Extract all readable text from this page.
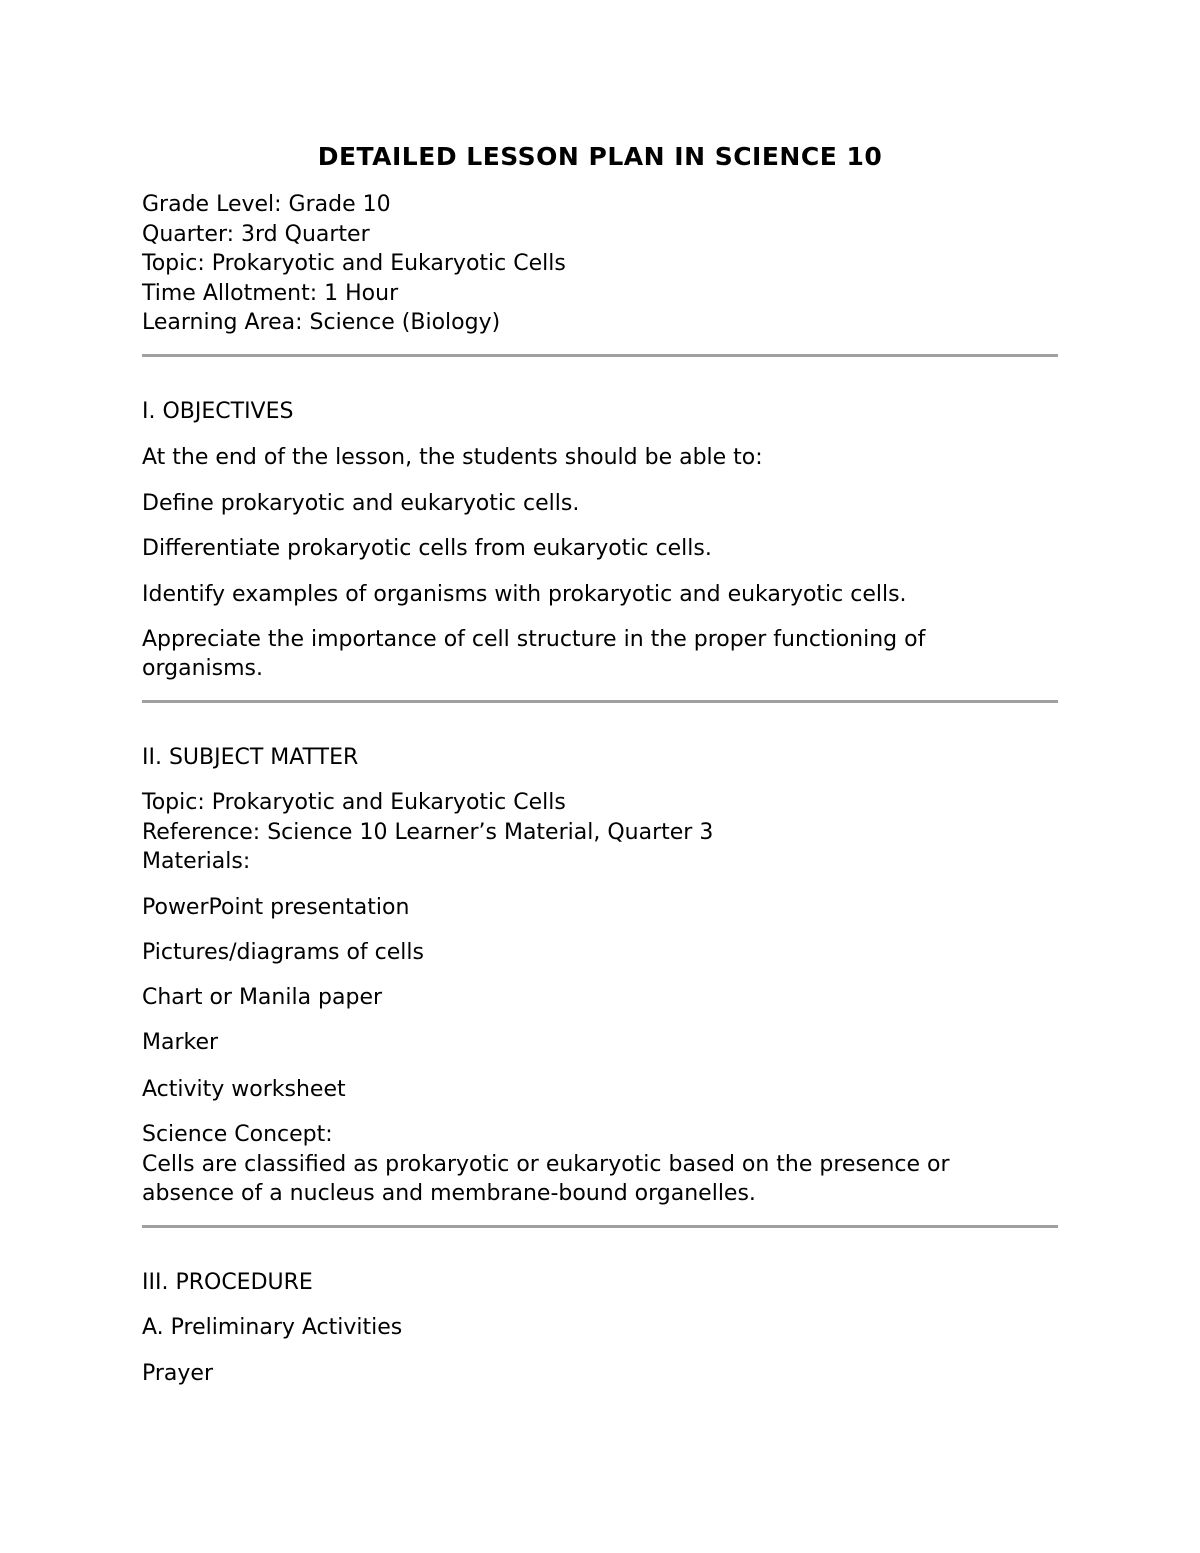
DETAILED LESSON PLAN IN SCIENCE 10

Grade Level: Grade 10

Quarter: 3rd Quarter

Topic: Prokaryotic and Eukaryotic Cells

Time Allotment: 1 Hour

Learning Area: Science (Biology)

I. OBJECTIVES

At the end of the lesson, the students should be able to:

Define prokaryotic and eukaryotic cells.

Differentiate prokaryotic cells from eukaryotic cells.

Identify examples of organisms with prokaryotic and eukaryotic cells.

Appreciate the importance of cell structure in the proper functioning of

organisms.

II. SUBJECT MATTER

Topic: Prokaryotic and Eukaryotic Cells

Reference: Science 10 Learner’s Material, Quarter 3

Materials:

PowerPoint presentation

Pictures/diagrams of cells

Chart or Manila paper

Marker

Activity worksheet

Science Concept:

Cells are classified as prokaryotic or eukaryotic based on the presence or

absence of a nucleus and membrane-bound organelles.

III. PROCEDURE

A. Preliminary Activities

Prayer
